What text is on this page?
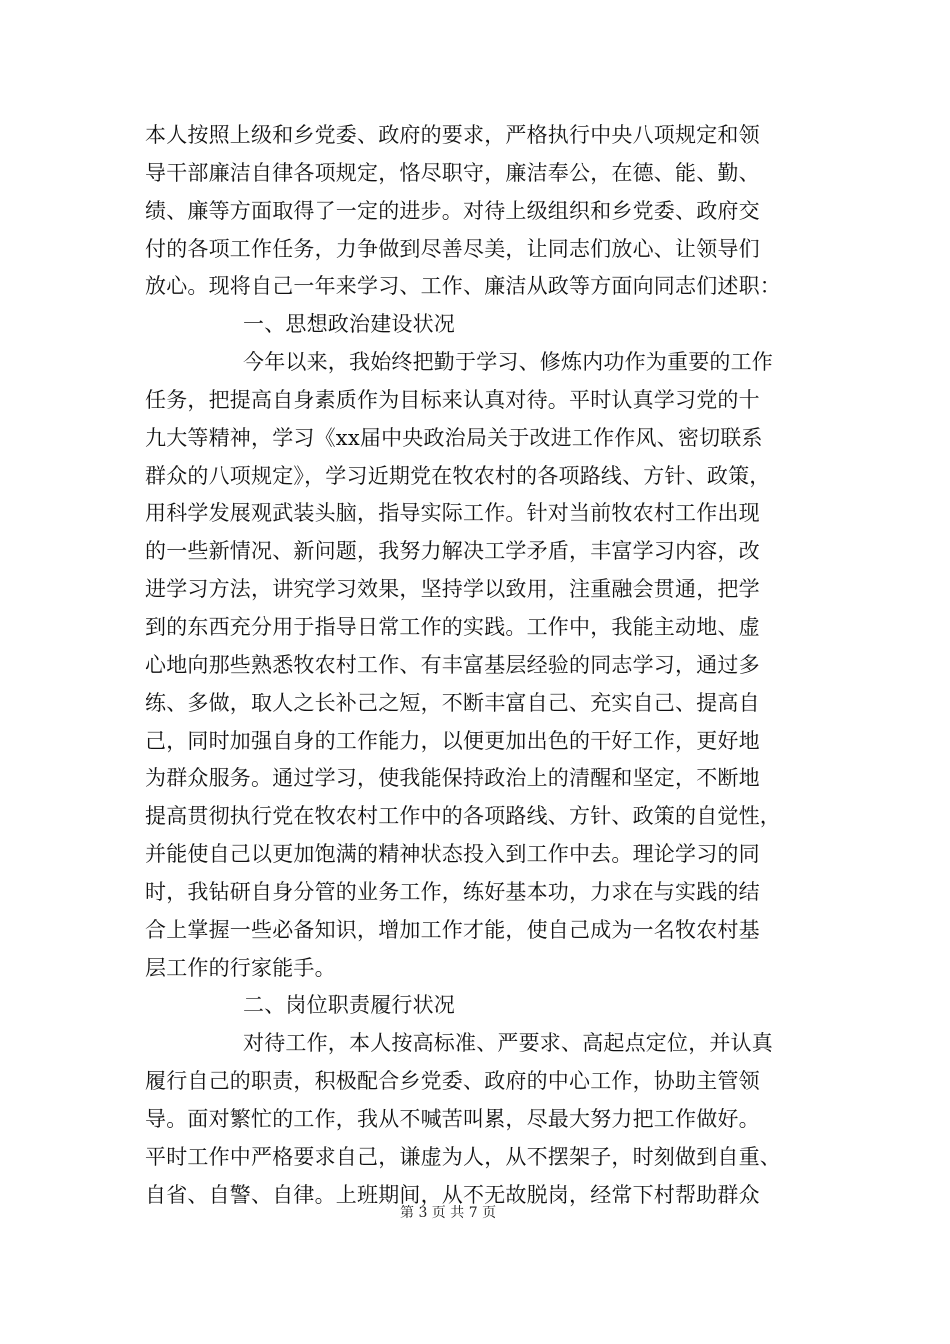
本人按照上级和乡党委、政府的要求，严格执行中央八项规定和领
导干部廉洁自律各项规定，恪尽职守，廉洁奉公，在德、能、勤、
绩、廉等方面取得了一定的进步。对待上级组织和乡党委、政府交
付的各项工作任务，力争做到尽善尽美，让同志们放心、让领导们
放心。现将自己一年来学习、工作、廉洁从政等方面向同志们述职：
一、思想政治建设状况
今年以来，我始终把勤于学习、修炼内功作为重要的工作
任务，把提高自身素质作为目标来认真对待。平时认真学习党的十
九大等精神，学习《xx届中央政治局关于改进工作作风、密切联系
群众的八项规定》，学习近期党在牧农村的各项路线、方针、政策，
用科学发展观武装头脑，指导实际工作。针对当前牧农村工作出现
的一些新情况、新问题，我努力解决工学矛盾，丰富学习内容，改
进学习方法，讲究学习效果，坚持学以致用，注重融会贯通，把学
到的东西充分用于指导日常工作的实践。工作中，我能主动地、虚
心地向那些熟悉牧农村工作、有丰富基层经验的同志学习，通过多
练、多做，取人之长补己之短，不断丰富自己、充实自己、提高自
己，同时加强自身的工作能力，以便更加出色的干好工作，更好地
为群众服务。通过学习，使我能保持政治上的清醒和坚定，不断地
提高贯彻执行党在牧农村工作中的各项路线、方针、政策的自觉性，
并能使自己以更加饱满的精神状态投入到工作中去。理论学习的同
时，我钻研自身分管的业务工作，练好基本功，力求在与实践的结
合上掌握一些必备知识，增加工作才能，使自己成为一名牧农村基
层工作的行家能手。
二、岗位职责履行状况
对待工作，本人按高标准、严要求、高起点定位，并认真
履行自己的职责，积极配合乡党委、政府的中心工作，协助主管领
导。面对繁忙的工作，我从不喊苦叫累，尽最大努力把工作做好。
平时工作中严格要求自己，谦虚为人，从不摆架子，时刻做到自重、
自省、自警、自律。上班期间，从不无故脱岗，经常下村帮助群众
第 3 页 共 7 页
